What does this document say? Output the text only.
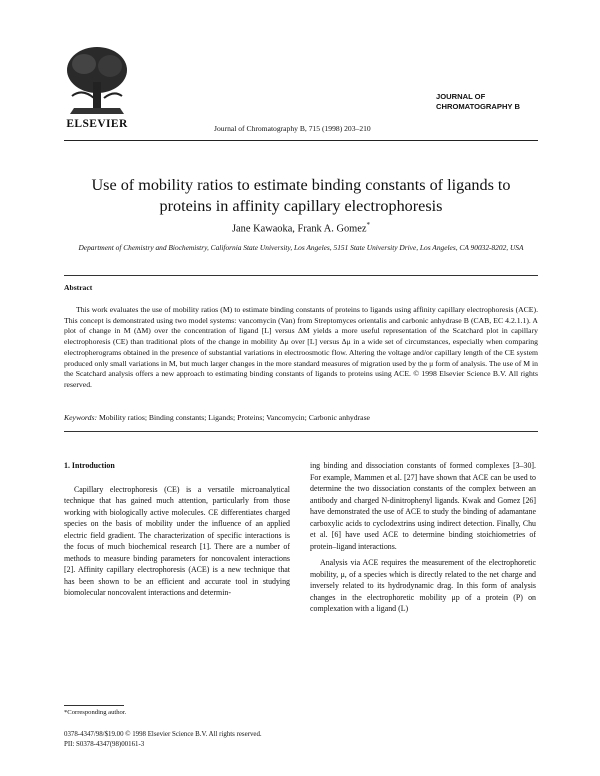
ELSEVIER	Journal of Chromatography B, 715 (1998) 203–210
JOURNAL OF
CHROMATOGRAPHY B
Use of mobility ratios to estimate binding constants of ligands to
proteins in affinity capillary electrophoresis
Jane Kawaoka, Frank A. Gomez*
Department of Chemistry and Biochemistry, California State University, Los Angeles, 5151 State University Drive, Los Angeles, CA 90032-8202, USA
Abstract

This work evaluates the use of mobility ratios (M) to estimate binding constants of proteins to ligands using affinity capillary electrophoresis (ACE). This concept is demonstrated using two model systems: vancomycin (Van) from Streptomyces orientalis and carbonic anhydrase B (CAB, EC 4.2.1.1). A plot of change in M (ΔM) over the concentration of ligand [L] versus ΔM yields a more useful representation of the Scatchard plot in capillary electrophoresis (CE) than traditional plots of the change in mobility Δμ over [L] versus Δμ in a wide set of circumstances, especially when comparing electropherograms obtained in the presence of substantial variations in electroosmotic flow. Altering the voltage and/or capillary length of the CE system produced only small variations in M, but much larger changes in the more standard measures of migration used by the μ form of analysis. The use of M in the Scatchard analysis offers a new approach to estimating binding constants of ligands to proteins using ACE. © 1998 Elsevier Science B.V. All rights reserved.

Keywords: Mobility ratios; Binding constants; Ligands; Proteins; Vancomycin; Carbonic anhydrase
1. Introduction

Capillary electrophoresis (CE) is a versatile microanalytical technique that has gained much attention, particularly from those working with biologically active molecules. CE differentiates charged species on the basis of mobility under the influence of an applied electric field gradient. The characterization of specific interactions is the focus of much biochemical research [1]. There are a number of methods to measure binding parameters for noncovalent interactions [2]. Affinity capillary electrophoresis (ACE) is a new technique that has been shown to be an efficient and accurate tool in studying biomolecular noncovalent interactions and determin-

ing binding and dissociation constants of formed complexes [3–30]. For example, Mammen et al. [27] have shown that ACE can be used to determine the two dissociation constants of the complex between an antibody and charged N-dinitrophenyl ligands. Kwak and Gomez [26] have demonstrated the use of ACE to study the binding of adamantane carboxylic acids to cyclodextrins using indirect detection. Finally, Chu et al. [6] have used ACE to determine binding stoichiometries of protein–ligand interactions.

Analysis via ACE requires the measurement of the electrophoretic mobility, μ, of a species which is directly related to the net charge and inversely related to its hydrodynamic drag. In this form of analysis changes in the electrophoretic mobility μp of a protein (P) on complexation with a ligand (L)

*Corresponding author.
0378-4347/98/$19.00 © 1998 Elsevier Science B.V. All rights reserved.
PII: S0378-4347(98)00161-3
